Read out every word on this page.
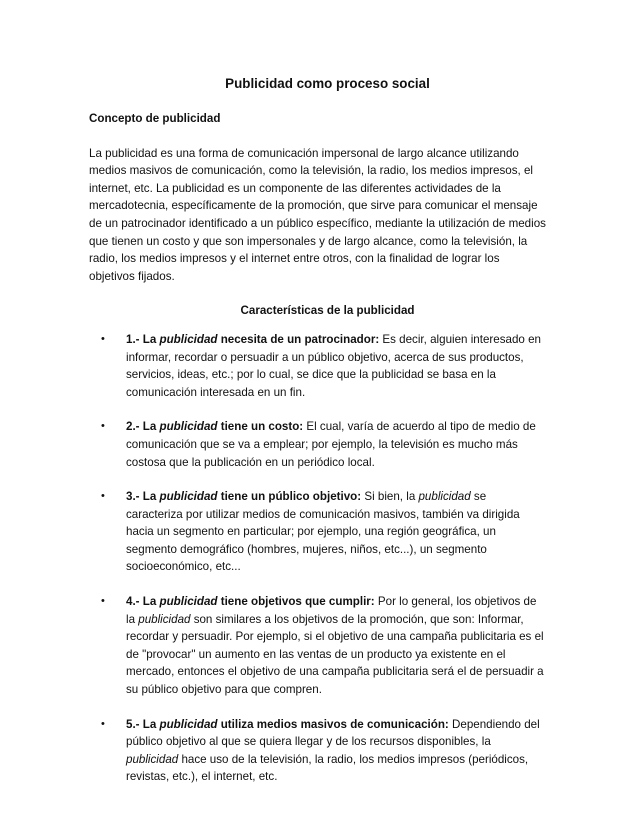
Publicidad como proceso social
Concepto de publicidad

La publicidad es una forma de comunicación impersonal de largo alcance utilizando medios masivos de comunicación, como la televisión, la radio, los medios impresos, el internet, etc. La publicidad es un componente de las diferentes actividades de la mercadotecnia, específicamente de la promoción, que sirve para comunicar el mensaje de un patrocinador identificado a un público específico, mediante la utilización de medios que tienen un costo y que son impersonales y de largo alcance, como la televisión, la radio, los medios impresos y el internet entre otros, con la finalidad de lograr los objetivos fijados.

Características de la publicidad
• 1.- La publicidad necesita de un patrocinador: Es decir, alguien interesado en informar, recordar o persuadir a un público objetivo, acerca de sus productos, servicios, ideas, etc.; por lo cual, se dice que la publicidad se basa en la comunicación interesada en un fin.
• 2.- La publicidad tiene un costo: El cual, varía de acuerdo al tipo de medio de comunicación que se va a emplear; por ejemplo, la televisión es mucho más costosa que la publicación en un periódico local.
• 3.- La publicidad tiene un público objetivo: Si bien, la publicidad se caracteriza por utilizar medios de comunicación masivos, también va dirigida hacia un segmento en particular; por ejemplo, una región geográfica, un segmento demográfico (hombres, mujeres, niños, etc...), un segmento socioeconómico, etc...
• 4.- La publicidad tiene objetivos que cumplir: Por lo general, los objetivos de la publicidad son similares a los objetivos de la promoción, que son: Informar, recordar y persuadir. Por ejemplo, si el objetivo de una campaña publicitaria es el de "provocar" un aumento en las ventas de un producto ya existente en el mercado, entonces el objetivo de una campaña publicitaria será el de persuadir a su público objetivo para que compren.
• 5.- La publicidad utiliza medios masivos de comunicación: Dependiendo del público objetivo al que se quiera llegar y de los recursos disponibles, la publicidad hace uso de la televisión, la radio, los medios impresos (periódicos, revistas, etc.), el internet, etc.
